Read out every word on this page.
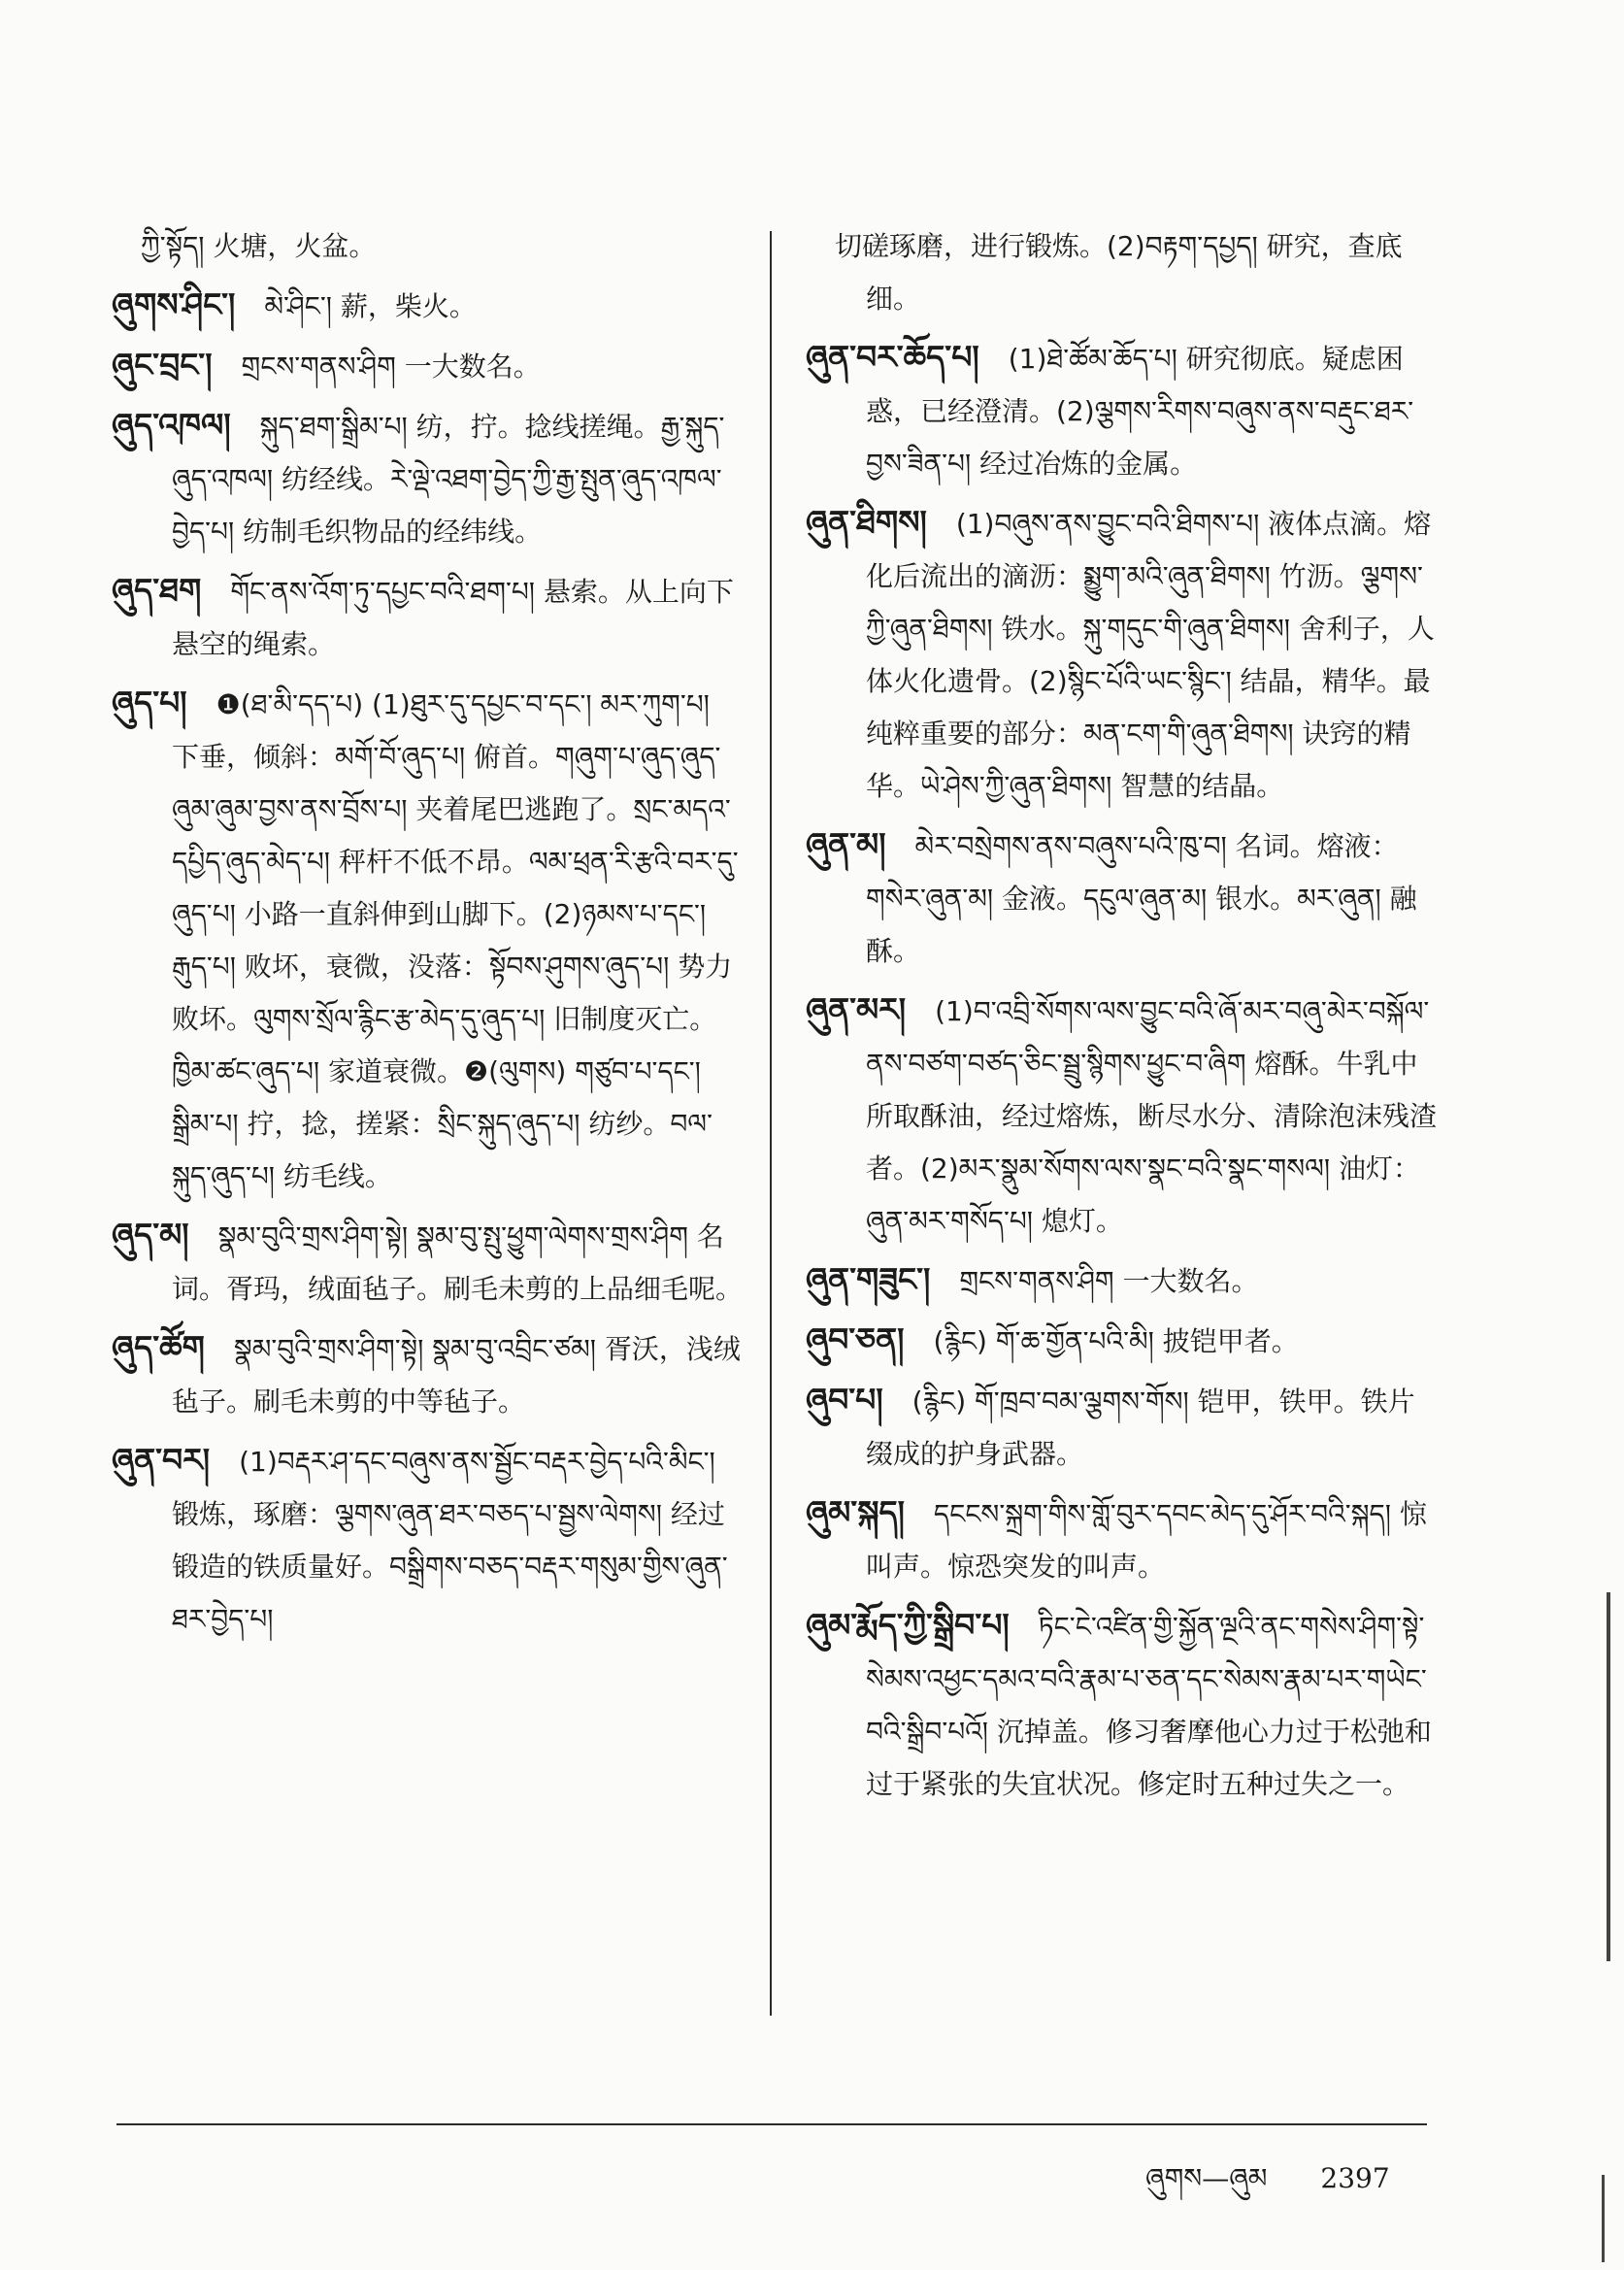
ཀྱི་སྟོད། 火塘，火盆。
ཞུགས་ཤིང་། མེ་ཤིང་། 薪，柴火。
ཞུང་བྲང་། གྲངས་གནས་ཤིག 一大数名。
ཞུད་འཁལ། སྐུད་ཐག་སྒྲིམ་པ། 纺，拧。捻线搓绳。རྒྱ་སྐུད་ཞུད་འཁལ། 纺经线。རེ་ལྡེ་འཐག་བྱེད་ཀྱི་རྒྱ་སྤུན་ཞུད་འཁལ་བྱེད་པ། 纺制毛织物品的经纬线。
ཞུད་ཐག གོང་ནས་འོག་ཏུ་དཔྱང་བའི་ཐག་པ། 悬索。从上向下悬空的绳索。
ཞུད་པ། ❶(ཐ་མི་དད་པ) (1)ཐུར་དུ་དཔྱང་བ་དང་། མར་ཀུག་པ། 下垂，倾斜：མགོ་བོ་ཞུད་པ། 俯首。གཞུག་པ་ཞུད་ཞུད་ཞུམ་ཞུམ་བྱས་ནས་བྲོས་པ། 夹着尾巴逃跑了。སྲང་མདའ་དཔྱིད་ཞུད་མེད་པ། 秤杆不低不昂。ལམ་ཕྲན་རི་རྩའི་བར་དུ་ཞུད་པ། 小路一直斜伸到山脚下。(2)ཉམས་པ་དང་། རྒུད་པ། 败坏，衰微，没落：སྟོབས་ཤུགས་ཞུད་པ། 势力败坏。ལུགས་སྲོལ་རྙིང་རྩ་མེད་དུ་ཞུད་པ། 旧制度灭亡。ཁྱིམ་ཚང་ཞུད་པ། 家道衰微。❷(ལུགས) གཙུབ་པ་དང་། སྒྲིམ་པ། 拧，捻，搓紧：སྲིང་སྐུད་ཞུད་པ། 纺纱。བལ་སྐུད་ཞུད་པ། 纺毛线。
ཞུད་མ། སྣམ་བུའི་གྲས་ཤིག་སྟེ། སྣམ་བུ་སྤུ་ཕྱུག་ལེགས་གྲས་ཤིག 名词。胥玛，绒面毡子。刷毛未剪的上品细毛呢。
ཞུད་ཚོག སྣམ་བུའི་གྲས་ཤིག་སྟེ། སྣམ་བུ་འབྲིང་ཙམ། 胥沃，浅绒毡子。刷毛未剪的中等毡子。
ཞུན་བར། (1)བརྡར་ཤ་དང་བཞུས་ནས་སྦྱོང་བརྡར་བྱེད་པའི་མིང་། 锻炼，琢磨：ལྕགས་ཞུན་ཐར་བཅད་པ་སྦྱས་ལེགས། 经过锻造的铁质量好。བསྒྲིགས་བཅད་བརྡར་གསུམ་གྱིས་ཞུན་ཐར་བྱེད་པ།
切磋琢磨，进行锻炼。(2)བརྟག་དཔྱད། 研究，查底细。
ཞུན་བར་ཆོད་པ། (1)ཐེ་ཚོམ་ཆོད་པ། 研究彻底。疑虑困惑，已经澄清。(2)ལྕགས་རིགས་བཞུས་ནས་བརྡུང་ཐར་བྱས་ཟིན་པ། 经过冶炼的金属。
ཞུན་ཐིགས། (1)བཞུས་ནས་བྱུང་བའི་ཐིགས་པ། 液体点滴。熔化后流出的滴沥：སྨྱུག་མའི་ཞུན་ཐིགས། 竹沥。ལྕགས་ཀྱི་ཞུན་ཐིགས། 铁水。སྐུ་གདུང་གི་ཞུན་ཐིགས། 舍利子，人体火化遗骨。(2)སྙིང་པོའི་ཡང་སྙིང་། 结晶，精华。最纯粹重要的部分：མན་ངག་གི་ཞུན་ཐིགས། 诀窍的精华。ཡེ་ཤེས་ཀྱི་ཞུན་ཐིགས། 智慧的结晶。
ཞུན་མ། མེར་བསྲེགས་ནས་བཞུས་པའི་ཁུ་བ། 名词。熔液：གསེར་ཞུན་མ། 金液。དངུལ་ཞུན་མ། 银水。མར་ཞུན། 融酥。
ཞུན་མར། (1)བ་འབྲི་སོགས་ལས་བྱུང་བའི་ཞོ་མར་བཞུ་མེར་བསྐོལ་ནས་བཙག་བཙད་ཅིང་སྦྲུ་སྙིགས་ཕྱུང་བ་ཞིག 熔酥。牛乳中所取酥油，经过熔炼，断尽水分、清除泡沫残渣者。(2)མར་སྣུམ་སོགས་ལས་སྣང་བའི་སྣང་གསལ། 油灯：ཞུན་མར་གསོད་པ། 熄灯。
ཞུན་གཟུང་། གྲངས་གནས་ཤིག 一大数名。
ཞུབ་ཅན། (རྙིང) གོ་ཆ་གྱོན་པའི་མི། 披铠甲者。
ཞུབ་པ། (རྙིང) གོ་ཁྲབ་བམ་ལྕགས་གོས། 铠甲，铁甲。铁片缀成的护身武器。
ཞུམ་སྐད། དངངས་སྐྲག་གིས་གློ་བུར་དབང་མེད་དུ་ཤོར་བའི་སྐད། 惊叫声。惊恐突发的叫声。
ཞུམ་རྨོད་ཀྱི་སྒྲིབ་པ། ཏིང་ངེ་འཛིན་གྱི་སྐྱོན་ལྔའི་ནང་གསེས་ཤིག་སྟེ་སེམས་འཕྱང་དམའ་བའི་རྣམ་པ་ཅན་དང་སེམས་རྣམ་པར་གཡེང་བའི་སྒྲིབ་པའོ། 沉掉盖。修习奢摩他心力过于松弛和过于紧张的失宜状况。修定时五种过失之一。
ཞུགས—ཞུམ 2397
